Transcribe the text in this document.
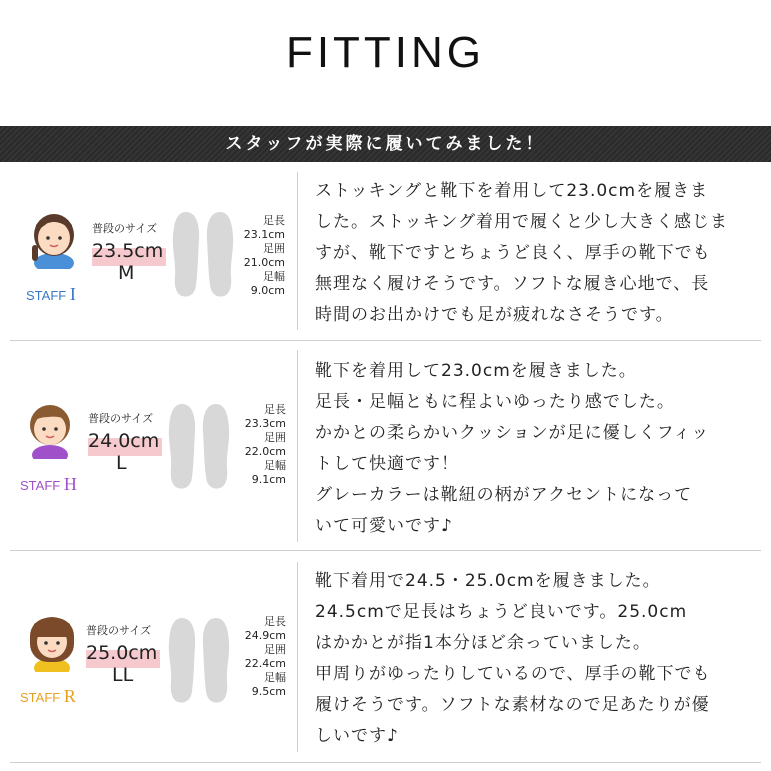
FITTING
スタッフが実際に履いてみました！
普段のサイズ
23.5cm
M
STAFF I
足長
23.1cm
足囲
21.0cm
足幅
9.0cm

ストッキングと靴下を着用して23.0cmを履きま

した。ストッキング着用で履くと少し大きく感じま

すが、靴下ですとちょうど良く、厚手の靴下でも

無理なく履けそうです。ソフトな履き心地で、長

時間のお出かけでも足が疲れなさそうです。

普段のサイズ
24.0cm
L
STAFF H
足長
23.3cm
足囲
22.0cm
足幅
9.1cm

靴下を着用して23.0cmを履きました。

足長・足幅ともに程よいゆったり感でした。

かかとの柔らかいクッションが足に優しくフィッ

トして快適です！

グレーカラーは靴紐の柄がアクセントになって

いて可愛いです♪

普段のサイズ
25.0cm
LL
STAFF R
足長
24.9cm
足囲
22.4cm
足幅
9.5cm

靴下着用で24.5・25.0cmを履きました。

24.5cmで足長はちょうど良いです。25.0cm

はかかとが指1本分ほど余っていました。

甲周りがゆったりしているので、厚手の靴下でも

履けそうです。ソフトな素材なので足あたりが優

しいです♪
